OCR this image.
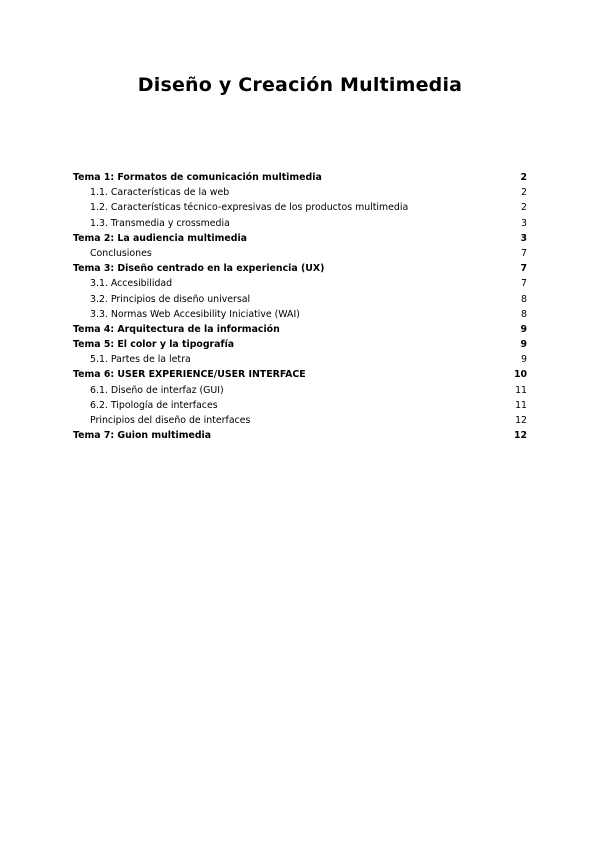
Diseño y Creación Multimedia
Tema 1: Formatos de comunicación multimedia	2
1.1. Características de la web	2
1.2. Características técnico-expresivas de los productos multimedia	2
1.3. Transmedia y crossmedia	3
Tema 2: La audiencia multimedia	3
Conclusiones	7
Tema 3: Diseño centrado en la experiencia (UX)	7
3.1. Accesibilidad	7
3.2. Principios de diseño universal	8
3.3. Normas Web Accesibility Iniciative (WAI)	8
Tema 4: Arquitectura de la información	9
Tema 5: El color y la tipografía	9
5.1. Partes de la letra	9
Tema 6: USER EXPERIENCE/USER INTERFACE	10
6.1. Diseño de interfaz (GUI)	11
6.2. Tipología de interfaces	11
Principios del diseño de interfaces	12
Tema 7: Guion multimedia	12
